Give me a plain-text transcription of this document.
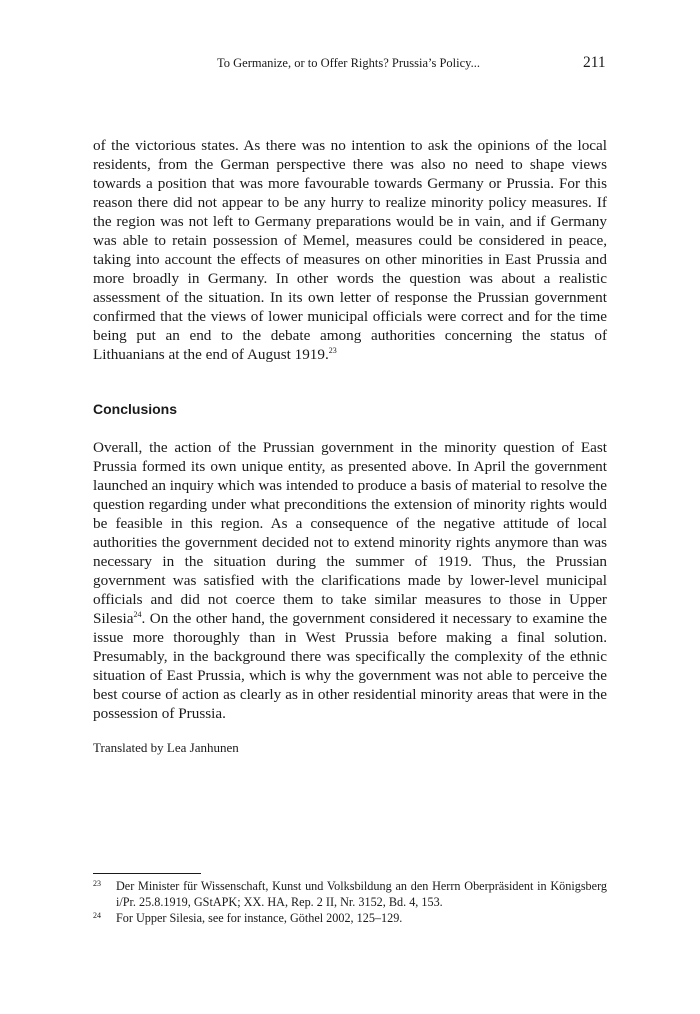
To Germanize, or to Offer Rights? Prussia’s Policy...	211

of the victorious states. As there was no intention to ask the opinions of the local residents, from the German perspective there was also no need to shape views towards a position that was more favourable towards Germany or Prussia. For this reason there did not appear to be any hurry to realize minority policy measures. If the region was not left to Germany preparations would be in vain, and if Germany was able to retain possession of Memel, measures could be considered in peace, taking into account the effects of measures on other minorities in East Prussia and more broadly in Germany. In other words the question was about a realistic assessment of the situation. In its own letter of response the Prussian government confirmed that the views of lower municipal officials were correct and for the time being put an end to the debate among authorities concerning the status of Lithuanians at the end of August 1919.23

Conclusions

Overall, the action of the Prussian government in the minority question of East Prussia formed its own unique entity, as presented above. In April the government launched an inquiry which was intended to produce a basis of material to resolve the question regarding under what preconditions the extension of minority rights would be feasible in this region. As a consequence of the negative attitude of local authorities the government decided not to extend minority rights anymore than was necessary in the situation during the summer of 1919. Thus, the Prussian government was satisfied with the clarifications made by lower-level municipal officials and did not coerce them to take similar measures to those in Upper Silesia$^{24}$. On the other hand, the government considered it necessary to examine the issue more thoroughly than in West Prussia before making a final solution. Presumably, in the background there was specifically the complexity of the ethnic situation of East Prussia, which is why the government was not able to perceive the best course of action as clearly as in other residential minority areas that were in the possession of Prussia.

Translated by Lea Janhunen
23 Der Minister für Wissenschaft, Kunst und Volksbildung an den Herrn Oberpräsident in Königsberg i/Pr. 25.8.1919, GStAPK; XX. HA, Rep. 2 II, Nr. 3152, Bd. 4, 153.
24 For Upper Silesia, see for instance, Göthel 2002, 125–129.
